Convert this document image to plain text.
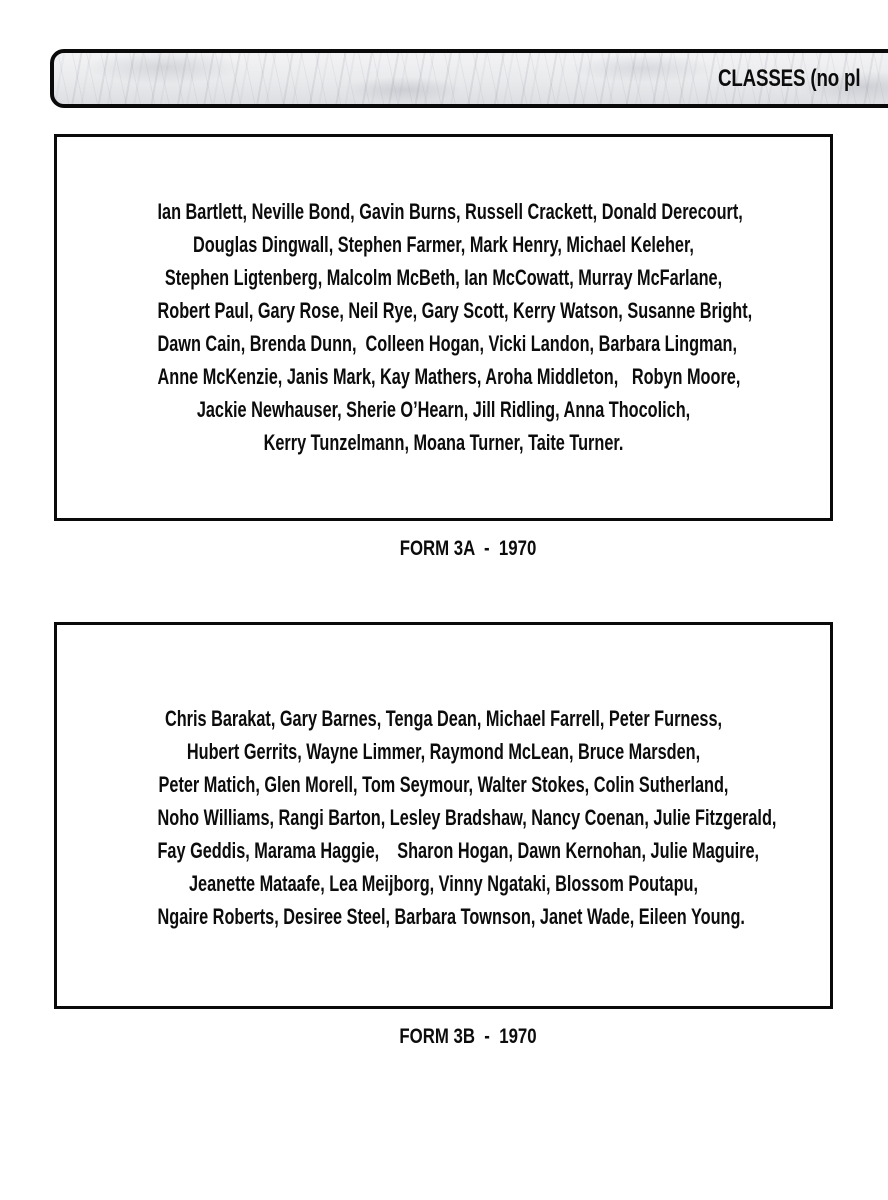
CLASSES (no pl
Ian Bartlett, Neville Bond, Gavin Burns, Russell Crackett, Donald Derecourt,
Douglas Dingwall, Stephen Farmer, Mark Henry, Michael Keleher,
Stephen Ligtenberg, Malcolm McBeth, Ian McCowatt, Murray McFarlane,
Robert Paul, Gary Rose, Neil Rye, Gary Scott, Kerry Watson, Susanne Bright,
Dawn Cain, Brenda Dunn,  Colleen Hogan, Vicki Landon, Barbara Lingman,
Anne McKenzie, Janis Mark, Kay Mathers, Aroha Middleton,   Robyn Moore,
Jackie Newhauser, Sherie O’Hearn, Jill Ridling, Anna Thocolich,
Kerry Tunzelmann, Moana Turner, Taite Turner.
FORM 3A  -  1970
Chris Barakat, Gary Barnes, Tenga Dean, Michael Farrell, Peter Furness,
Hubert Gerrits, Wayne Limmer, Raymond McLean, Bruce Marsden,
Peter Matich, Glen Morell, Tom Seymour, Walter Stokes, Colin Sutherland,
Noho Williams, Rangi Barton, Lesley Bradshaw, Nancy Coenan, Julie Fitzgerald,
Fay Geddis, Marama Haggie,    Sharon Hogan, Dawn Kernohan, Julie Maguire,
Jeanette Mataafe, Lea Meijborg, Vinny Ngataki, Blossom Poutapu,
Ngaire Roberts, Desiree Steel, Barbara Townson, Janet Wade, Eileen Young.
FORM 3B  -  1970
